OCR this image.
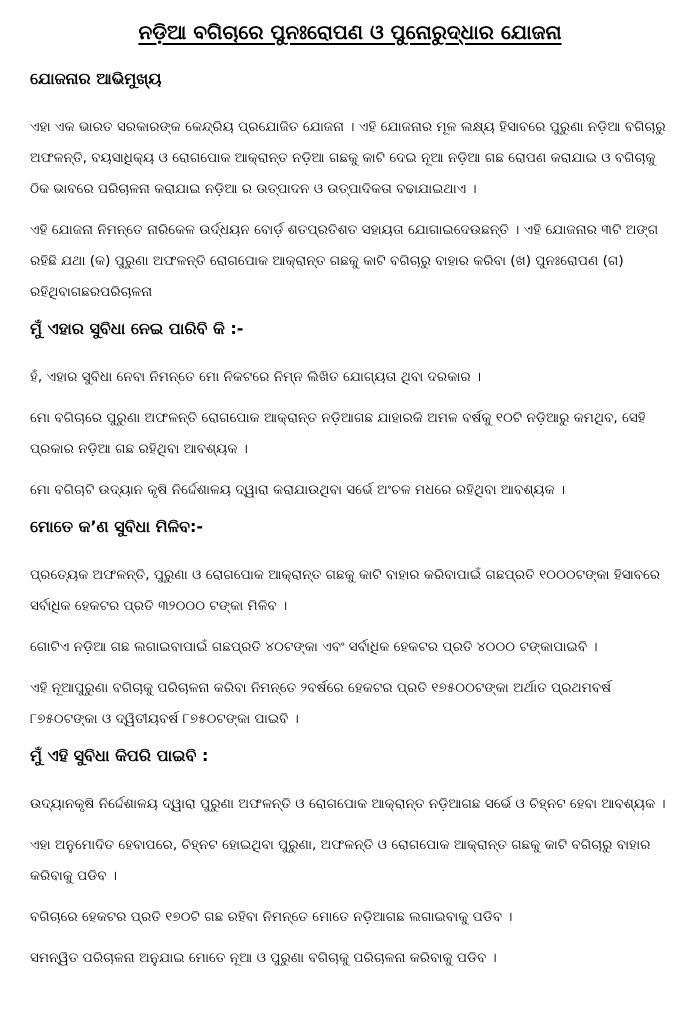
ନଡ଼ିଆ ବଗିଚାରେ ପୁନଃରୋପଣ ଓ ପୁନୋରୁଦ୍ଧାର ଯୋଜନା
ଯୋଜନାର ଆଭିମୁଖ୍ୟ

ଏହା ଏକ ଭାରତ ସରକାରଙ୍କ କେନ୍ଦ୍ରିୟ ପ୍ରଯୋଜିତ ଯୋଜନା । ଏହି ଯୋଜନାର ମୂଳ ଲକ୍ଷ୍ୟ ହିସାବରେ ପୁରୁଣା ନଡ଼ିଆ ବଗିଚାରୁ ଅଫଳନ୍ତି, ବୟସାଧିକ୍ୟ ଓ ରୋଗପୋକ ଆକ୍ରାନ୍ତ ନଡ଼ିଆ ଗଛକୁ କାଟି ଦେଇ ନୂଆ ନଡ଼ିଆ ଗଛ ରୋପଣ କରାଯାଇ ଓ ବଗିଚାକୁ ଠିକ ଭାବରେ ପରିଚାଳନା କରାଯାଇ ନଡ଼ିଆ ର ଉତ୍ପାଦନ ଓ ଉତ୍ପାଦିକତା ବଢାଯାଇଥାଏ ।

ଏହି ଯୋଜନା ନିମନ୍ତେ ନାରିକେଳ ଉର୍ଦ୍ଧୟନ ବୋର୍ଡ଼ ଶତପ୍ରତିଶତ ସହାୟତା ଯୋଗାଇଦେଉଛନ୍ତି । ଏହି ଯୋଜନାର ୩ଟି ଅଙ୍ଗ ରହିଛି ଯଥା (କ) ପୁରୁଣା ଅଫଳନ୍ତି ରୋଗପୋକ ଆକ୍ରାନ୍ତ ଗଛକୁ କାଟି ବଗିଚାରୁ ବାହାର କରିବା (ଖ) ପୁନଃରୋପଣ (ଗ) ରହିଥିବାଗଛରପରିଚାଳନା

ମୁଁ ଏହାର ସୁବିଧା ନେଇ ପାରିବି କି :-

ହଁ, ଏହାର ସୁବିଧା ନେବା ନିମନ୍ତେ ମୋ ନିକଟରେ ନିମ୍ନ ଲିଖିତ ଯୋଗ୍ୟତା ଥିବା ଦରକାର ।

ମୋ ବଗିଚାରେ ପୁରୁଣା ଅଫଳନ୍ତି ରୋଗପୋକ ଆକ୍ରାନ୍ତ ନଡ଼ିଆଗଛ ଯାହାରକି ଅମଳ ବର୍ଷକୁ ୧୦ଟି ନଡ଼ିଆରୁ କମଥିବ, ସେହି ପ୍ରକାର ନଡ଼ିଆ ଗଛ ରହିଥିବା ଆବଶ୍ୟକ ।

ମୋ ବଗିଚାଟି ଉଦ୍ୟାନ କୃଷି ନିର୍ଦ୍ଦେଶାଳୟ ଦ୍ୱାରା କରାଯାଉଥିବା ସର୍ଭେ ଅଂଚଳ ମଧରେ ରହିଥିବା ଆବଶ୍ୟକ ।

ମୋତେ କ’ଣ ସୁବିଧା ମିଳିବ:-

ପ୍ରତ୍ୟେକ ଅଫଳନ୍ତି, ପୁରୁଣା ଓ ରୋଗପୋକ ଆକ୍ରାନ୍ତ ଗଛକୁ କାଟି ବାହାର କରିବାପାଇଁ ଗଛପ୍ରତି ୧୦୦୦ଟଙ୍କା ହିସାବରେ ସର୍ବାଧିକ ହେକଟର ପ୍ରତି ୩୨୦୦୦ ଟଙ୍କା ମିଳିବ ।

ଗୋଟିଏ ନଡ଼ିଆ ଗଛ ଲଗାଇବାପାଇଁ ଗଛପ୍ରତି ୪୦ଟଙ୍କା ଏବଂ ସର୍ବାଧିକ ହେକଟର ପ୍ରତି ୪୦୦୦ ଟଙ୍କାପାଇବି ।

ଏହି ନୂଆପୁରୁଣା ବଗିଚାକୁ ପରିଚାଳନା କରିବା ନିମନ୍ତେ ୨ବର୍ଷରେ ହେକଟର ପ୍ରତି ୧୭୫୦୦ଟଙ୍କା ଅର୍ଥାତ ପ୍ରଥମବର୍ଷ ୮୭୫୦ଟଙ୍କା ଓ ଦ୍ୱିତୀୟବର୍ଷ ୮୭୫୦ଟଙ୍କା ପାଇବି ।

ମୁଁ ଏହି ସୁବିଧା କିପରି ପାଇବି :

ଉଦ୍ୟାନକୃଷି ନିର୍ଦ୍ଦେଶାଳୟ ଦ୍ୱାରା ପୁରୁଣା ଅଫଳନ୍ତି ଓ ରୋଗପୋକ ଆକ୍ରାନ୍ତ ନଡ଼ିଆଗଛ ସର୍ଭେ ଓ ଚିହ୍ନଟ ହେବା ଆବଶ୍ୟକ ।

ଏହା ଅନୁମୋଦିତ ହେବାପରେ, ଚିହ୍ନଟ ହୋଇଥିବା ପୁରୁଣା, ଅଫଳନ୍ତି ଓ ରୋଗପୋକ ଆକ୍ରାନ୍ତ ଗଛକୁ କାଟି ବଗିଚାରୁ ବାହାର କରିବାକୁ ପଡିବ ।

ବଗିଚାରେ ହେକଟର ପ୍ରତି ୧୭୦ଟି ଗଛ ରହିବା ନିମନ୍ତେ ମୋତେ ନଡ଼ିଆଗଛ ଲଗାଇବାକୁ ପଡିବ ।

ସମନ୍ୱିତ ପରିଚାଳନା ଅନୁଯାଇ ମୋତେ ନୂଆ ଓ ପୁରୁଣା ବଗିଚାକୁ ପରିଚାଳନା କରିବାକୁ ପଡିବ ।
